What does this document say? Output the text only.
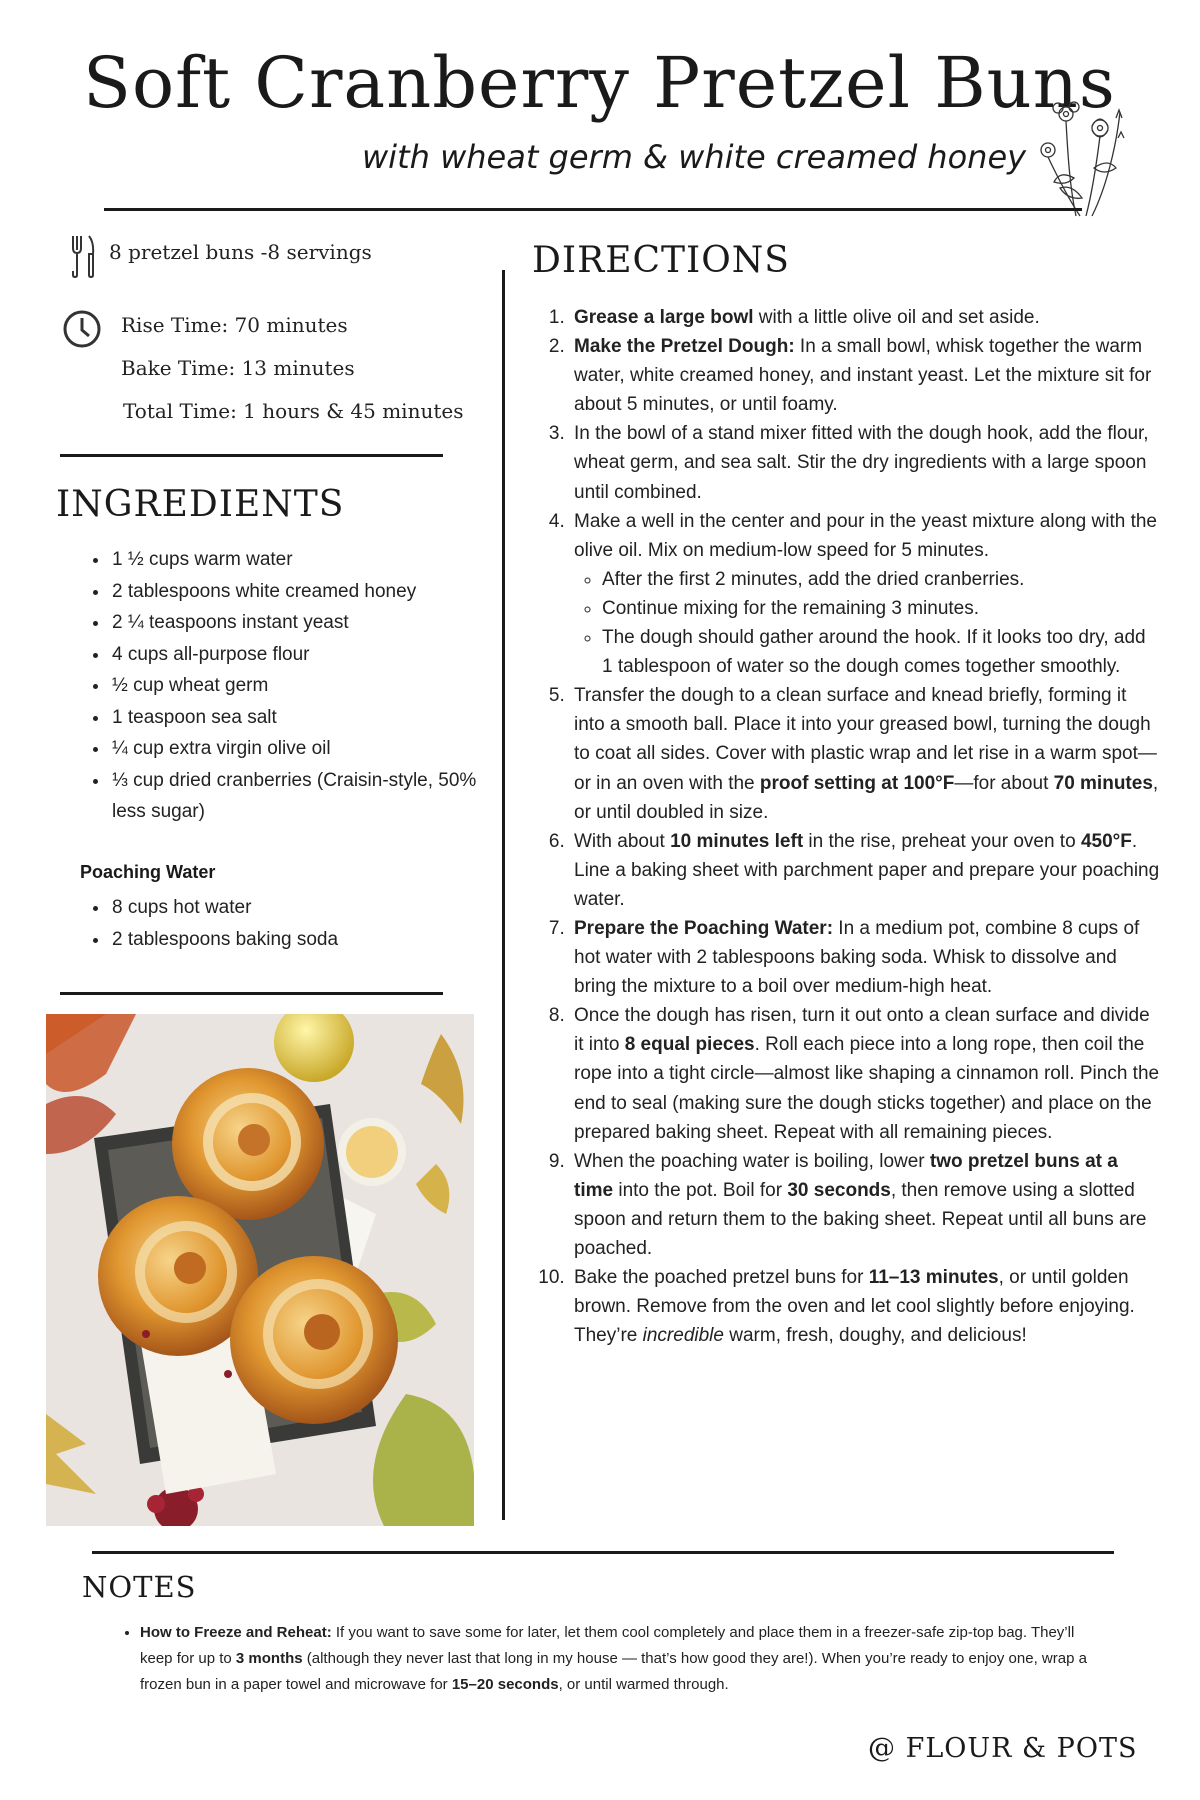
Soft Cranberry Pretzel Buns
with wheat germ & white creamed honey
8 pretzel buns -8 servings
Rise Time: 70 minutes
Bake Time: 13 minutes
Total Time: 1 hours & 45 minutes
INGREDIENTS
• 1 ½ cups warm water
• 2 tablespoons white creamed honey
• 2 ¼ teaspoons instant yeast
• 4 cups all-purpose flour
• ½ cup wheat germ
• 1 teaspoon sea salt
• ¼ cup extra virgin olive oil
• ⅓ cup dried cranberries (Craisin-style, 50% less sugar)
Poaching Water
• 8 cups hot water
• 2 tablespoons baking soda
DIRECTIONS
1. Grease a large bowl with a little olive oil and set aside.
2. Make the Pretzel Dough: In a small bowl, whisk together the warm water, white creamed honey, and instant yeast. Let the mixture sit for about 5 minutes, or until foamy.
3. In the bowl of a stand mixer fitted with the dough hook, add the flour, wheat germ, and sea salt. Stir the dry ingredients with a large spoon until combined.
4. Make a well in the center and pour in the yeast mixture along with the olive oil. Mix on medium-low speed for 5 minutes.
◦ After the first 2 minutes, add the dried cranberries.
◦ Continue mixing for the remaining 3 minutes.
◦ The dough should gather around the hook. If it looks too dry, add 1 tablespoon of water so the dough comes together smoothly.
5. Transfer the dough to a clean surface and knead briefly, forming it into a smooth ball. Place it into your greased bowl, turning the dough to coat all sides. Cover with plastic wrap and let rise in a warm spot—or in an oven with the proof setting at 100°F—for about 70 minutes, or until doubled in size.
6. With about 10 minutes left in the rise, preheat your oven to 450°F. Line a baking sheet with parchment paper and prepare your poaching water.
7. Prepare the Poaching Water: In a medium pot, combine 8 cups of hot water with 2 tablespoons baking soda. Whisk to dissolve and bring the mixture to a boil over medium-high heat.
8. Once the dough has risen, turn it out onto a clean surface and divide it into 8 equal pieces. Roll each piece into a long rope, then coil the rope into a tight circle—almost like shaping a cinnamon roll. Pinch the end to seal (making sure the dough sticks together) and place on the prepared baking sheet. Repeat with all remaining pieces.
9. When the poaching water is boiling, lower two pretzel buns at a time into the pot. Boil for 30 seconds, then remove using a slotted spoon and return them to the baking sheet. Repeat until all buns are poached.
10. Bake the poached pretzel buns for 11–13 minutes, or until golden brown. Remove from the oven and let cool slightly before enjoying. They’re incredible warm, fresh, doughy, and delicious!
NOTES
• How to Freeze and Reheat: If you want to save some for later, let them cool completely and place them in a freezer-safe zip-top bag. They’ll keep for up to 3 months (although they never last that long in my house — that’s how good they are!). When you’re ready to enjoy one, wrap a frozen bun in a paper towel and microwave for 15–20 seconds, or until warmed through.
@ FLOUR & POTS
